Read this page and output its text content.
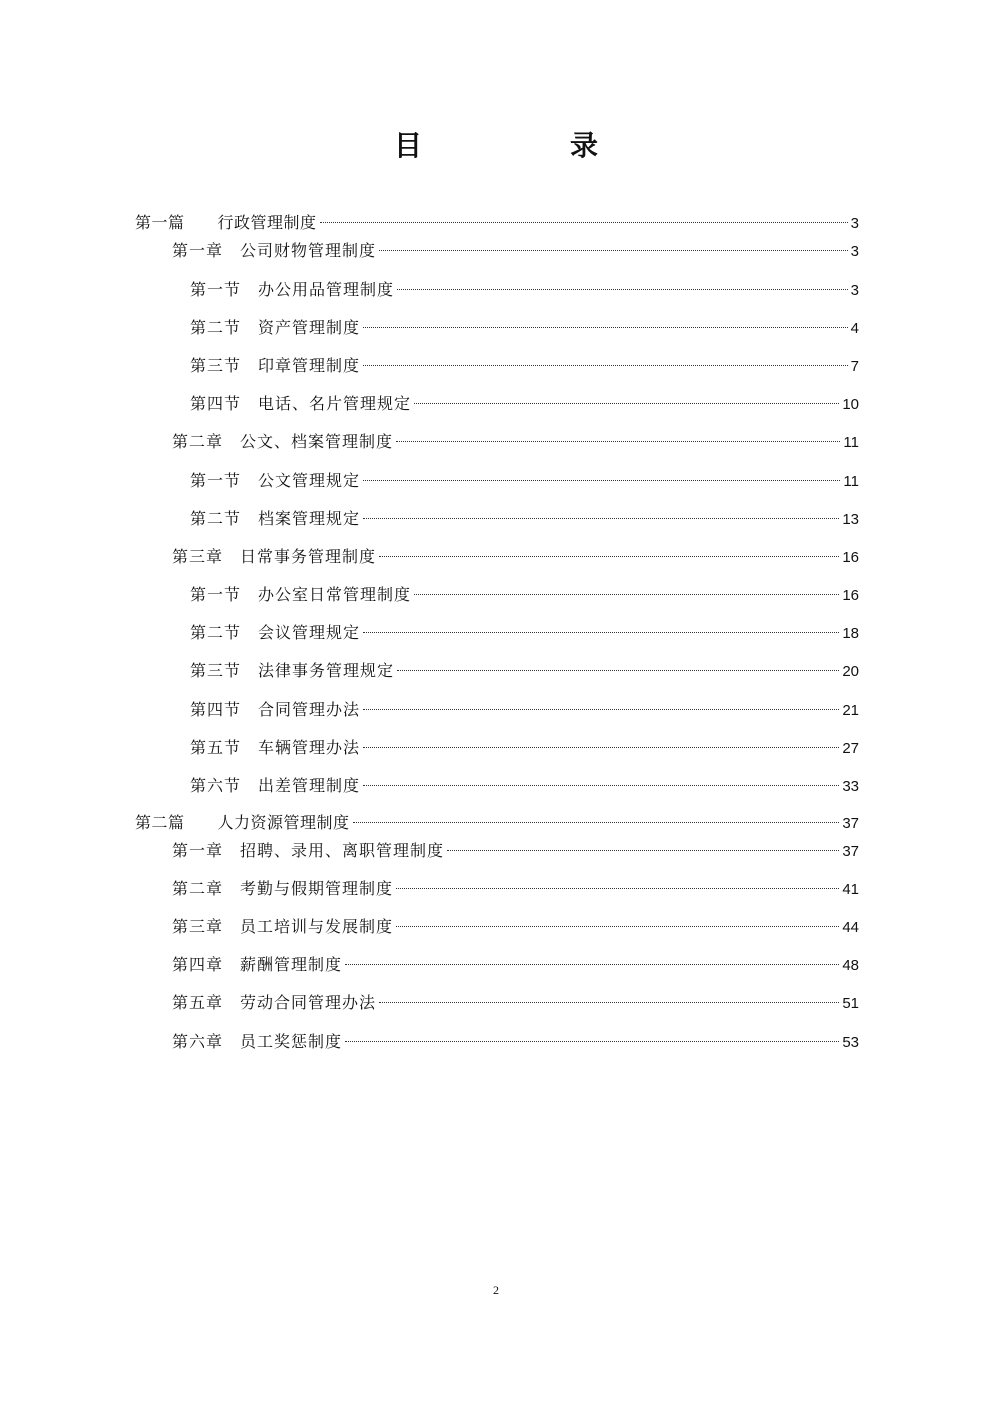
目　录
第一篇　　行政管理制度	3
第一章　公司财物管理制度	3
第一节　办公用品管理制度	3
第二节　资产管理制度	4
第三节　印章管理制度	7
第四节　电话、名片管理规定	10
第二章　公文、档案管理制度	11
第一节　公文管理规定	11
第二节　档案管理规定	13
第三章　日常事务管理制度	16
第一节　办公室日常管理制度	16
第二节　会议管理规定	18
第三节　法律事务管理规定	20
第四节　合同管理办法	21
第五节　车辆管理办法	27
第六节　出差管理制度	33
第二篇　　人力资源管理制度	37
第一章　招聘、录用、离职管理制度	37
第二章　考勤与假期管理制度	41
第三章　员工培训与发展制度	44
第四章　薪酬管理制度	48
第五章　劳动合同管理办法	51
第六章　员工奖惩制度	53
2
